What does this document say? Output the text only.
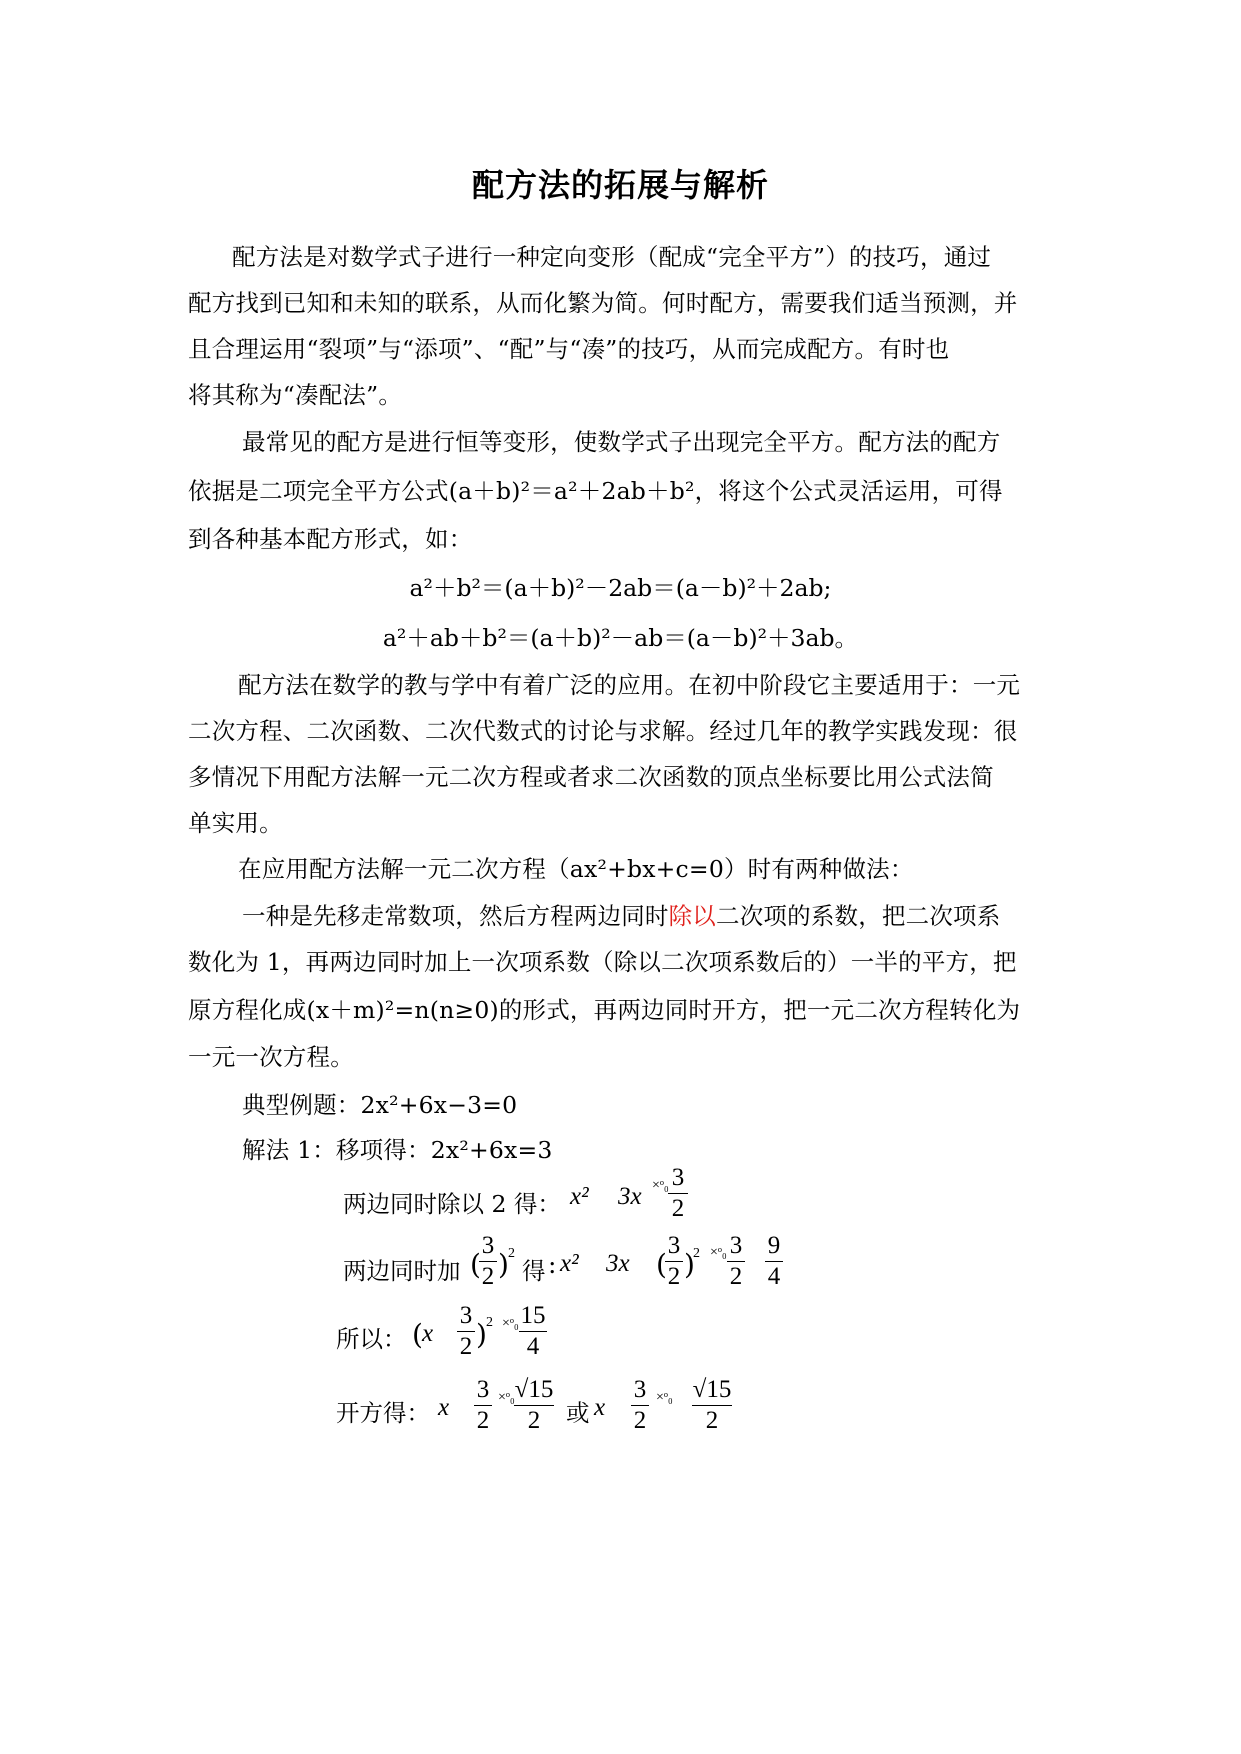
配方法的拓展与解析
配方法是对数学式子进行一种定向变形（配成“完全平方”）的技巧，通过
配方找到已知和未知的联系，从而化繁为简。何时配方，需要我们适当预测，并
且合理运用“裂项”与“添项”、“配”与“凑”的技巧，从而完成配方。有时也
将其称为“凑配法”。
最常见的配方是进行恒等变形，使数学式子出现完全平方。配方法的配方
依据是二项完全平方公式(a＋b)²＝a²＋2ab＋b²，将这个公式灵活运用，可得
到各种基本配方形式，如：
a²＋b²＝(a＋b)²－2ab＝(a－b)²＋2ab;
a²＋ab＋b²＝(a＋b)²－ab＝(a－b)²＋3ab。
配方法在数学的教与学中有着广泛的应用。在初中阶段它主要适用于：一元
二次方程、二次函数、二次代数式的讨论与求解。经过几年的教学实践发现：很
多情况下用配方法解一元二次方程或者求二次函数的顶点坐标要比用公式法简
单实用。
在应用配方法解一元二次方程（ax²+bx+c=0）时有两种做法：
一种是先移走常数项，然后方程两边同时除以二次项的系数，把二次项系
数化为 1，再两边同时加上一次项系数（除以二次项系数后的）一半的平方，把
原方程化成(x＋m)²=n(n≥0)的形式，再两边同时开方，把一元二次方程转化为
一元一次方程。
典型例题：2x²+6x−3=0
解法 1：移项得：2x²+6x=3
两边同时除以 2 得： x² 3x ×ᵒ₀ 3
2
两边同时加 (
3
2 ) 2
得 : x² 3x (
3
2 )
2 ×ᵒ₀ 3
2
9
4
所以： ( x
3
2 ) 2 ×ᵒ₀ 15
4
开方得： x
3
2
×ᵒ₀ √15
2	或 x
3
2
×ᵒ₀ √15
2
